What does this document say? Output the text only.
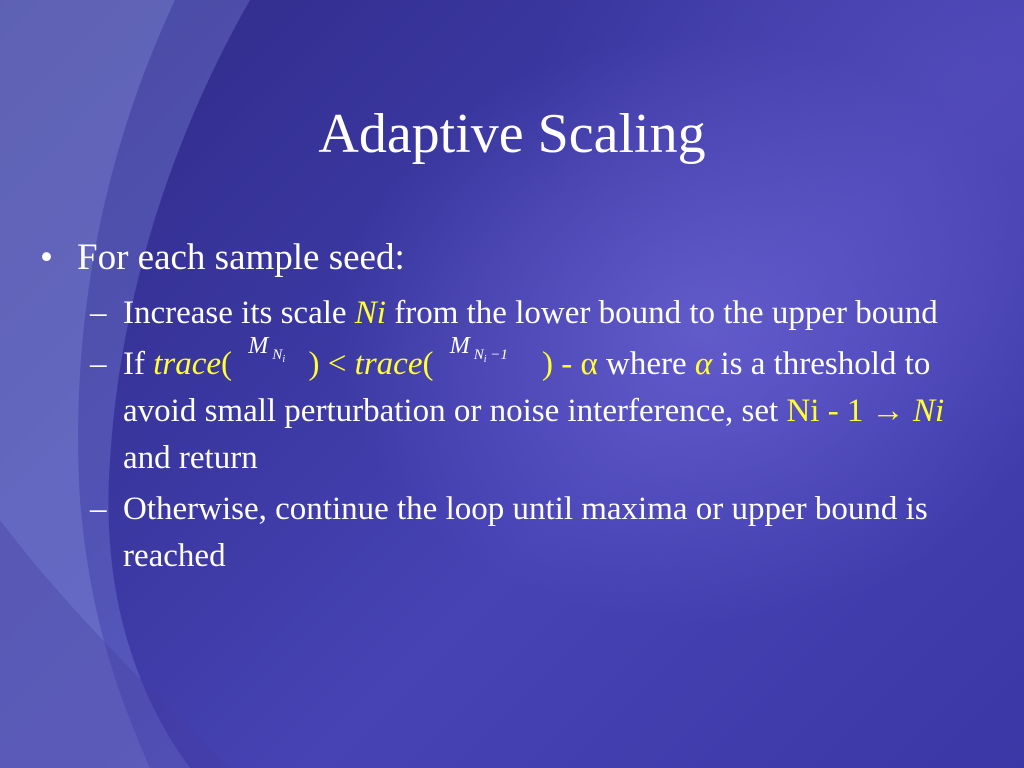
Adaptive Scaling
• For each sample seed:
– Increase its scale Ni from the lower bound to the upper bound
– If trace( M $N_i$ ) < trace( M $N_i -1$ ) - α where α is a threshold to avoid small perturbation or noise interference, set Ni - 1 → Ni and return
– Otherwise, continue the loop until maxima or upper bound is reached
